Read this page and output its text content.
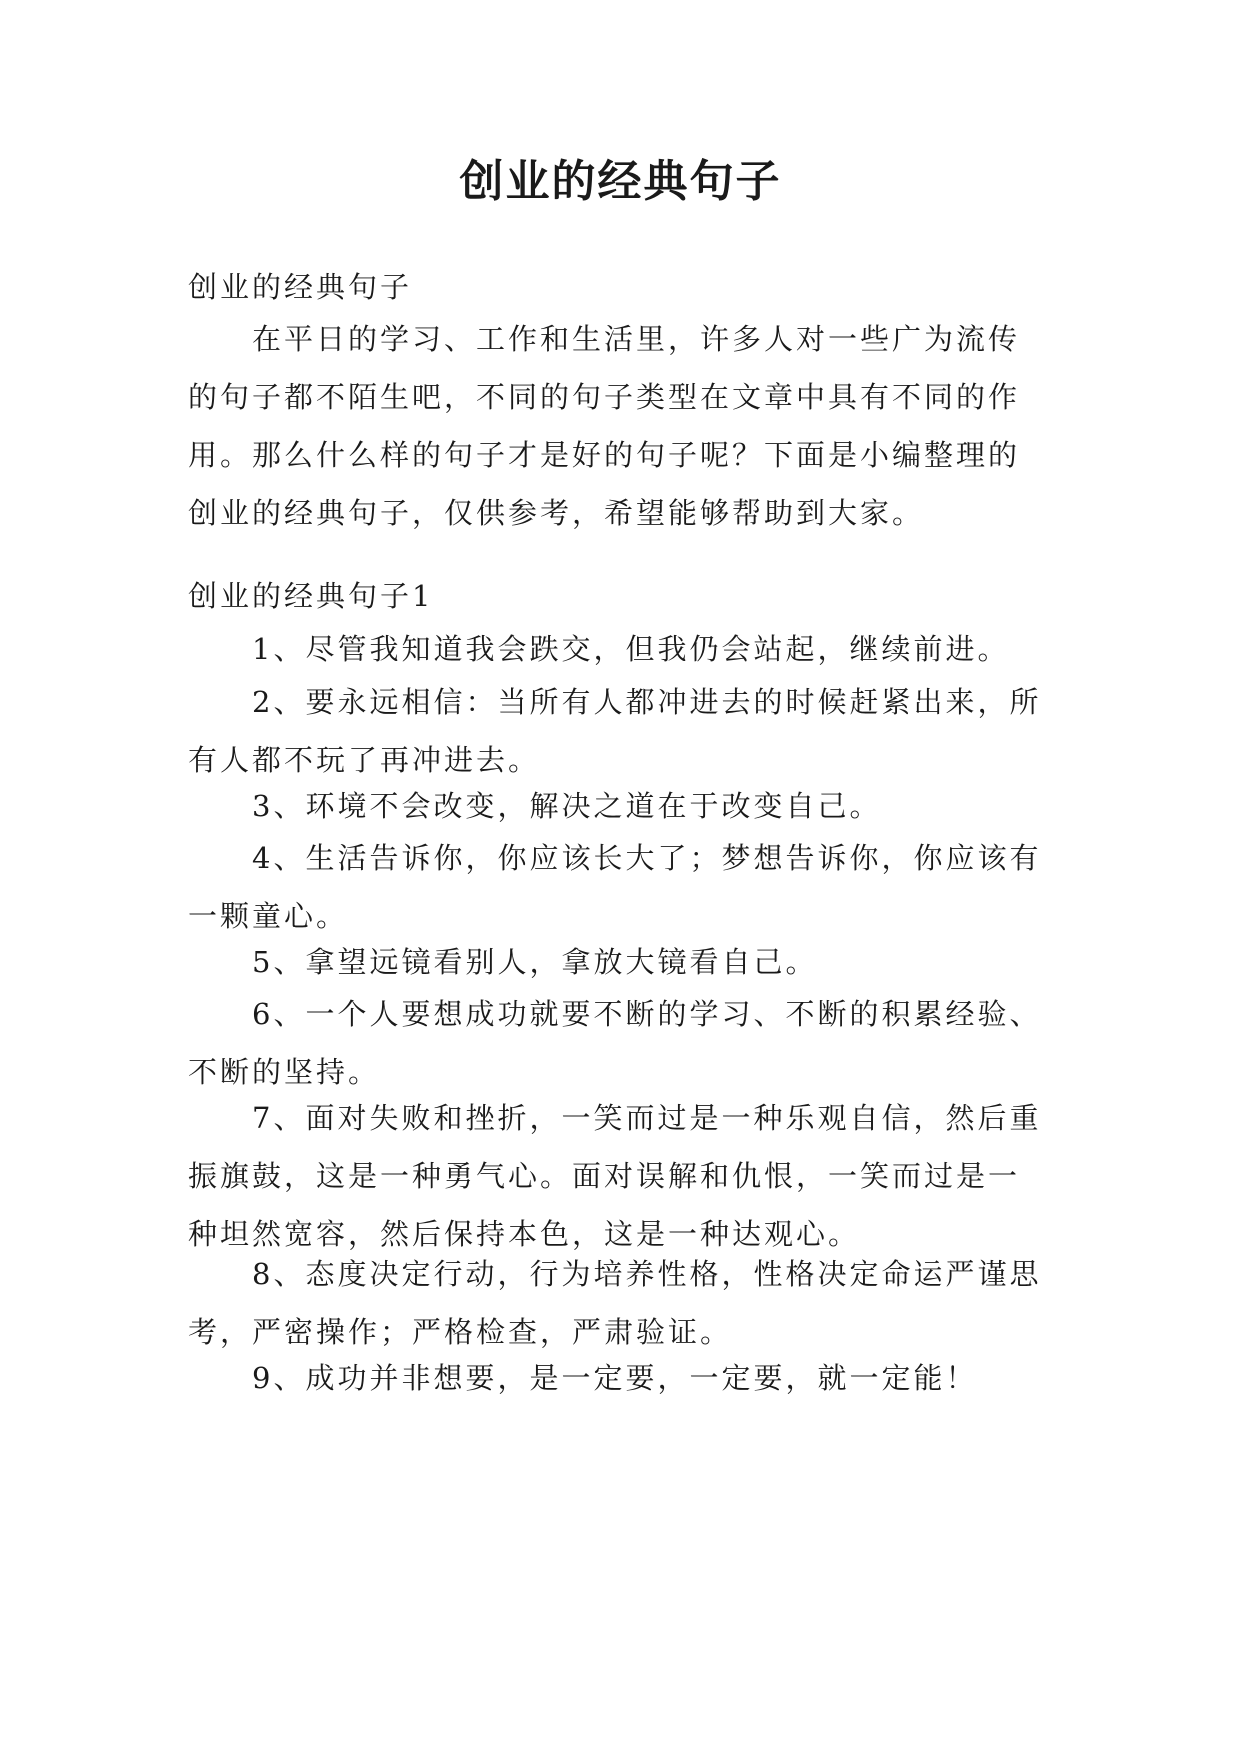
创业的经典句子

创业的经典句子

在平日的学习、工作和生活里，许多人对一些广为流传的句子都不陌生吧，不同的句子类型在文章中具有不同的作用。那么什么样的句子才是好的句子呢？下面是小编整理的创业的经典句子，仅供参考，希望能够帮助到大家。

创业的经典句子1

1、尽管我知道我会跌交，但我仍会站起，继续前进。

2、要永远相信：当所有人都冲进去的时候赶紧出来，所有人都不玩了再冲进去。

3、环境不会改变，解决之道在于改变自己。

4、生活告诉你，你应该长大了；梦想告诉你，你应该有一颗童心。

5、拿望远镜看别人，拿放大镜看自己。

6、一个人要想成功就要不断的学习、不断的积累经验、不断的坚持。

7、面对失败和挫折，一笑而过是一种乐观自信，然后重振旗鼓，这是一种勇气心。面对误解和仇恨，一笑而过是一种坦然宽容，然后保持本色，这是一种达观心。

8、态度决定行动，行为培养性格，性格决定命运严谨思考，严密操作；严格检查，严肃验证。

9、成功并非想要，是一定要，一定要，就一定能！
